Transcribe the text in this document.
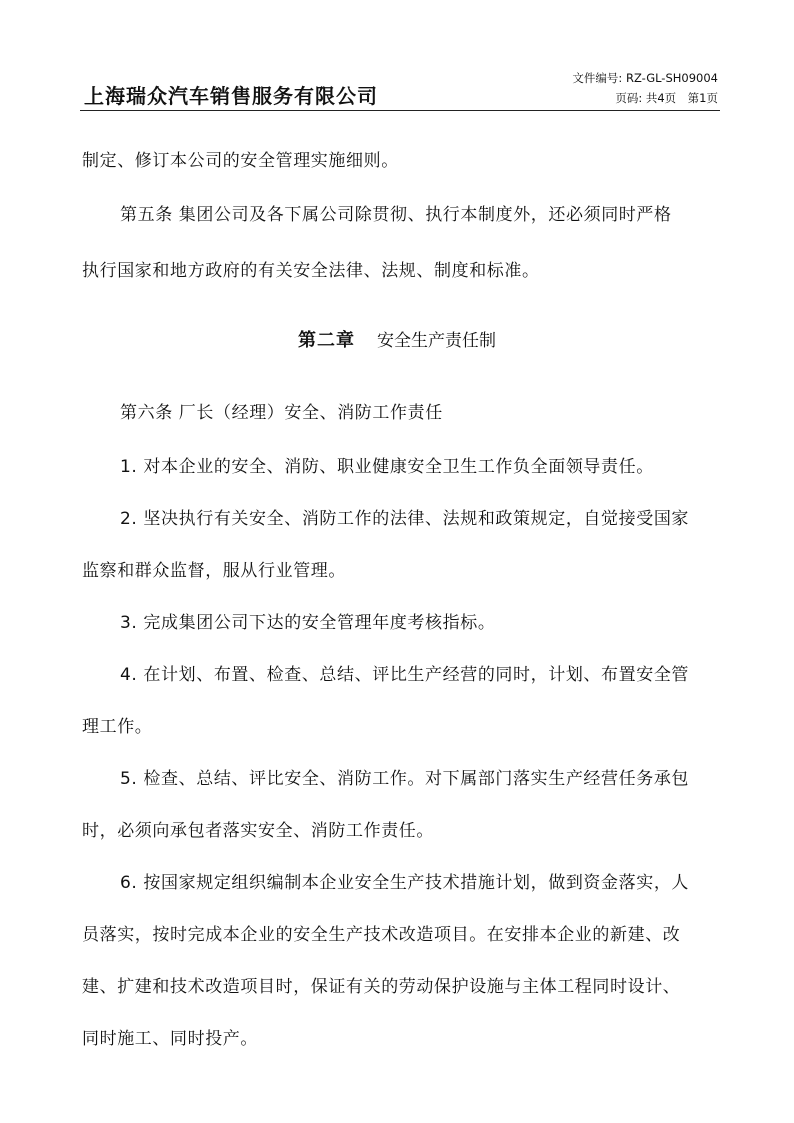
上海瑞众汽车销售服务有限公司
文件编号: RZ-GL-SH09004
页码: 共4页　第1页

制定、修订本公司的安全管理实施细则。

第五条 集团公司及各下属公司除贯彻、执行本制度外，还必须同时严格

执行国家和地方政府的有关安全法律、法规、制度和标准。

第二章 安全生产责任制

第六条 厂长（经理）安全、消防工作责任

1. 对本企业的安全、消防、职业健康安全卫生工作负全面领导责任。

2. 坚决执行有关安全、消防工作的法律、法规和政策规定，自觉接受国家

监察和群众监督，服从行业管理。

3. 完成集团公司下达的安全管理年度考核指标。

4. 在计划、布置、检查、总结、评比生产经营的同时，计划、布置安全管

理工作。

5. 检查、总结、评比安全、消防工作。对下属部门落实生产经营任务承包

时，必须向承包者落实安全、消防工作责任。

6. 按国家规定组织编制本企业安全生产技术措施计划，做到资金落实，人

员落实，按时完成本企业的安全生产技术改造项目。在安排本企业的新建、改

建、扩建和技术改造项目时，保证有关的劳动保护设施与主体工程同时设计、

同时施工、同时投产。
